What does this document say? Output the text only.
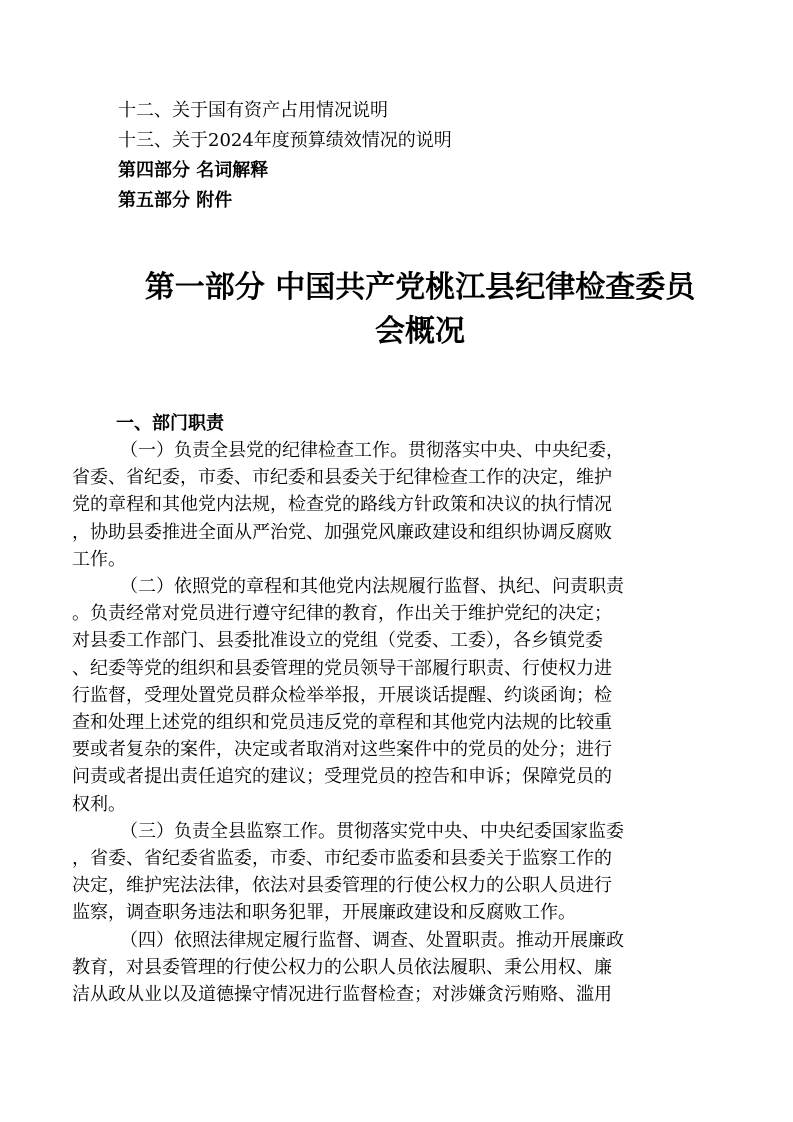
十二、关于国有资产占用情况说明
十三、关于2024年度预算绩效情况的说明
第四部分 名词解释
第五部分 附件
第一部分 中国共产党桃江县纪律检查委员
会概况
一、部门职责
（一）负责全县党的纪律检查工作。贯彻落实中央、中央纪委，
省委、省纪委，市委、市纪委和县委关于纪律检查工作的决定，维护
党的章程和其他党内法规，检查党的路线方针政策和决议的执行情况
，协助县委推进全面从严治党、加强党风廉政建设和组织协调反腐败
工作。
（二）依照党的章程和其他党内法规履行监督、执纪、问责职责
。负责经常对党员进行遵守纪律的教育，作出关于维护党纪的决定；
对县委工作部门、县委批准设立的党组（党委、工委），各乡镇党委
、纪委等党的组织和县委管理的党员领导干部履行职责、行使权力进
行监督，受理处置党员群众检举举报，开展谈话提醒、约谈函询；检
查和处理上述党的组织和党员违反党的章程和其他党内法规的比较重
要或者复杂的案件，决定或者取消对这些案件中的党员的处分；进行
问责或者提出责任追究的建议；受理党员的控告和申诉；保障党员的
权利。
（三）负责全县监察工作。贯彻落实党中央、中央纪委国家监委
，省委、省纪委省监委，市委、市纪委市监委和县委关于监察工作的
决定，维护宪法法律，依法对县委管理的行使公权力的公职人员进行
监察，调查职务违法和职务犯罪，开展廉政建设和反腐败工作。
（四）依照法律规定履行监督、调查、处置职责。推动开展廉政
教育，对县委管理的行使公权力的公职人员依法履职、秉公用权、廉
洁从政从业以及道德操守情况进行监督检查；对涉嫌贪污贿赂、滥用
